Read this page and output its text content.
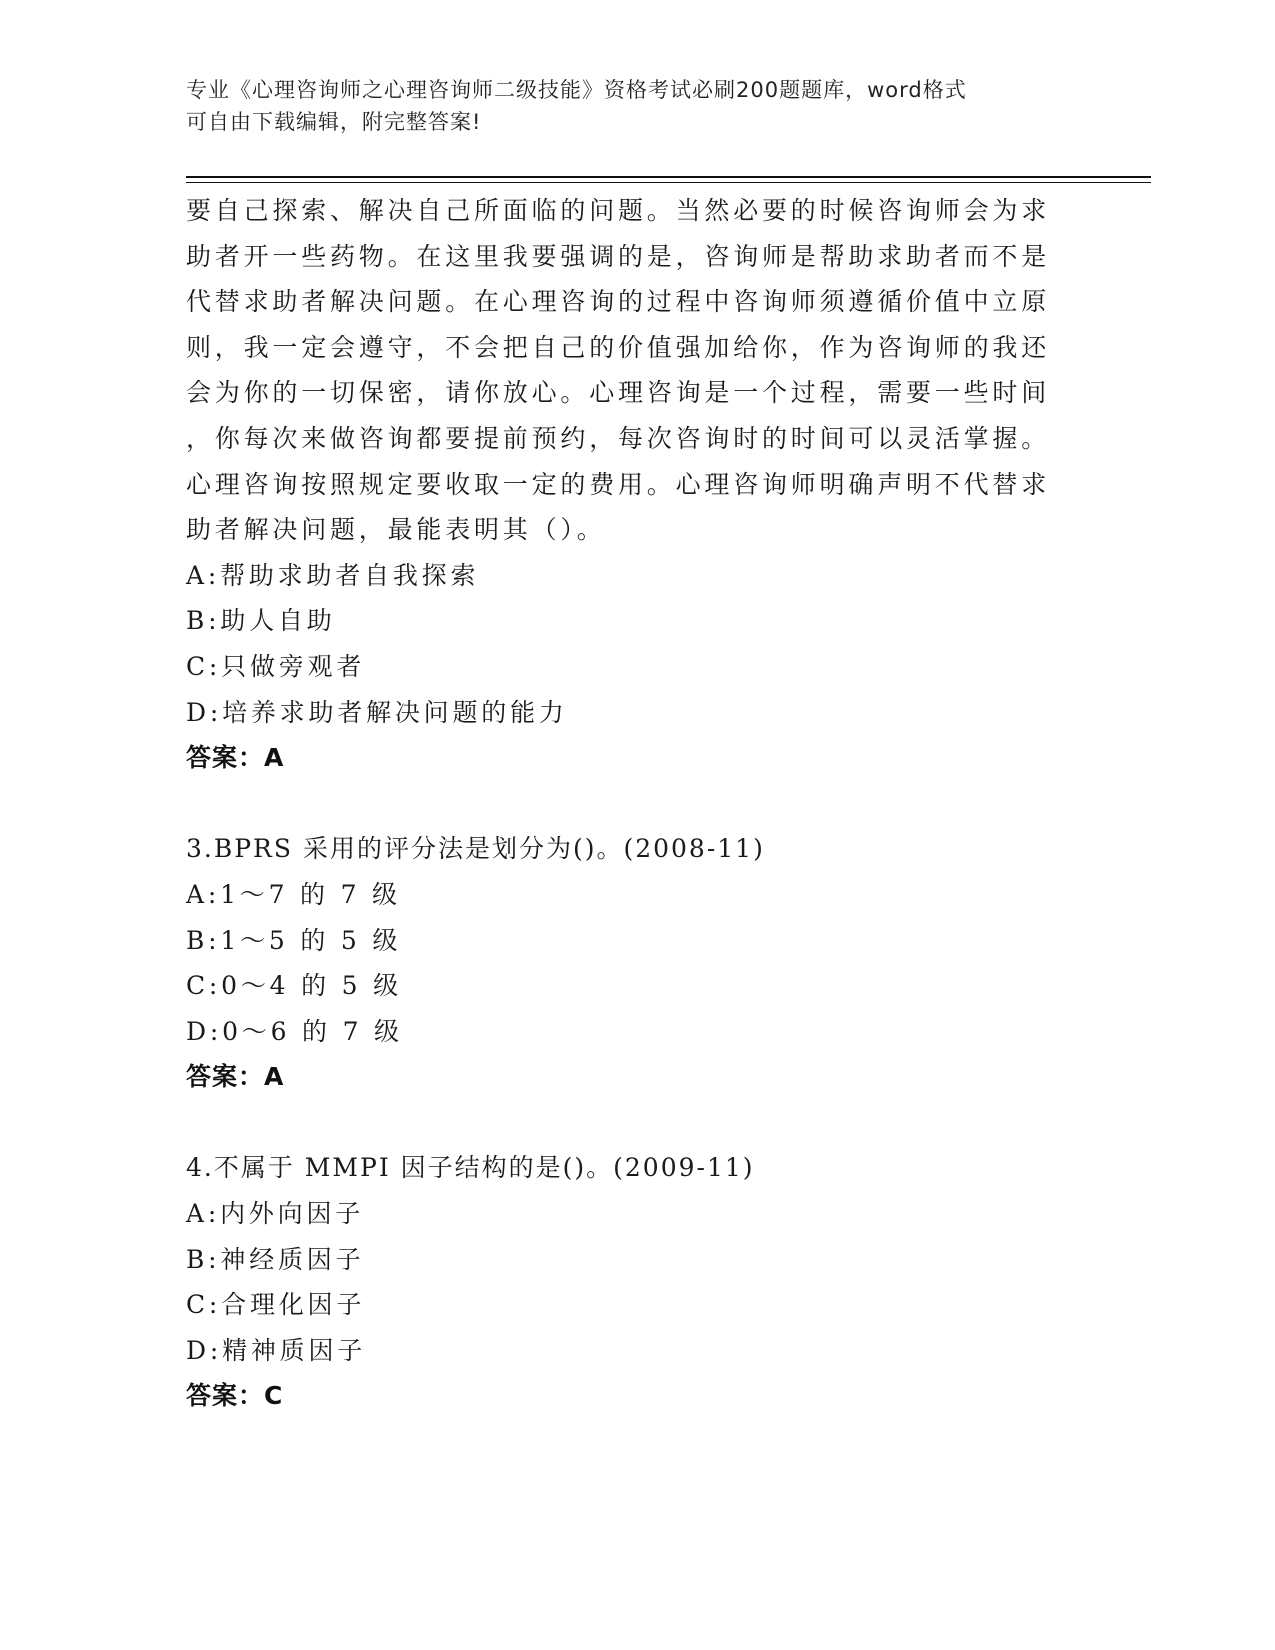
专业《心理咨询师之心理咨询师二级技能》资格考试必刷200题题库，word格式
可自由下载编辑，附完整答案!
要自己探索、解决自己所面临的问题。当然必要的时候咨询师会为求
助者开一些药物。在这里我要强调的是，咨询师是帮助求助者而不是
代替求助者解决问题。在心理咨询的过程中咨询师须遵循价值中立原
则，我一定会遵守，不会把自己的价值强加给你，作为咨询师的我还
会为你的一切保密，请你放心。心理咨询是一个过程，需要一些时间
，你每次来做咨询都要提前预约，每次咨询时的时间可以灵活掌握。
心理咨询按照规定要收取一定的费用。心理咨询师明确声明不代替求
助者解决问题，最能表明其（）。
A:帮助求助者自我探索
B:助人自助
C:只做旁观者
D:培养求助者解决问题的能力
答案：A
3.BPRS 采用的评分法是划分为()。(2008-11)
A:1～7 的 7 级
B:1～5 的 5 级
C:0～4 的 5 级
D:0～6 的 7 级
答案：A
4.不属于 MMPI 因子结构的是()。(2009-11)
A:内外向因子
B:神经质因子
C:合理化因子
D:精神质因子
答案：C
